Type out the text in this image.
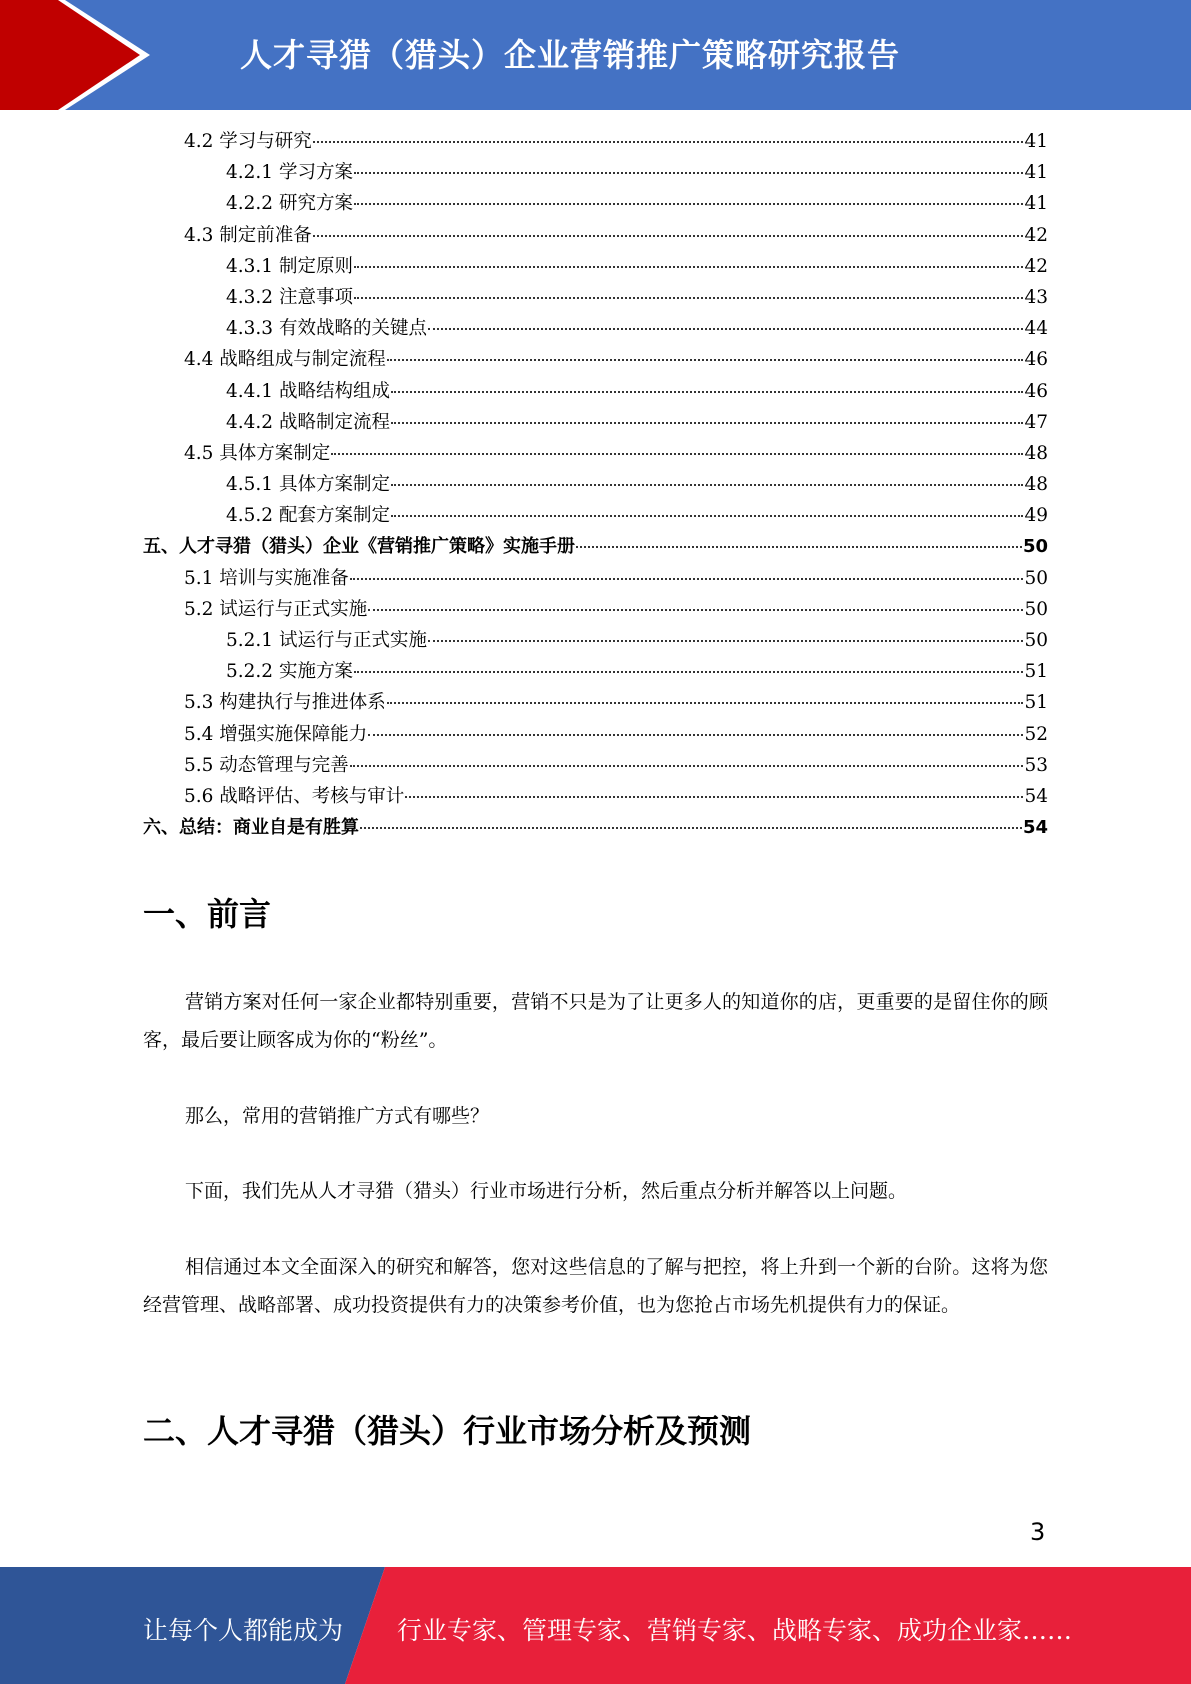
人才寻猎（猎头）企业营销推广策略研究报告
4.2 学习与研究	41
4.2.1 学习方案	41
4.2.2 研究方案	41
4.3 制定前准备	42
4.3.1 制定原则	42
4.3.2 注意事项	43
4.3.3 有效战略的关键点	44
4.4 战略组成与制定流程	46
4.4.1 战略结构组成	46
4.4.2 战略制定流程	47
4.5 具体方案制定	48
4.5.1 具体方案制定	48
4.5.2 配套方案制定	49
五、人才寻猎（猎头）企业《营销推广策略》实施手册	50
5.1 培训与实施准备	50
5.2 试运行与正式实施	50
5.2.1 试运行与正式实施	50
5.2.2 实施方案	51
5.3 构建执行与推进体系	51
5.4 增强实施保障能力	52
5.5 动态管理与完善	53
5.6 战略评估、考核与审计	54
六、总结：商业自是有胜算	54
一、前言
营销方案对任何一家企业都特别重要，营销不只是为了让更多人的知道你的店，更重要的是留住你的顾客，最后要让顾客成为你的“粉丝”。
那么，常用的营销推广方式有哪些？
下面，我们先从人才寻猎（猎头）行业市场进行分析，然后重点分析并解答以上问题。
相信通过本文全面深入的研究和解答，您对这些信息的了解与把控，将上升到一个新的台阶。这将为您经营管理、战略部署、成功投资提供有力的决策参考价值，也为您抢占市场先机提供有力的保证。
二、人才寻猎（猎头）行业市场分析及预测
3
让每个人都能成为 行业专家、管理专家、营销专家、战略专家、成功企业家……
